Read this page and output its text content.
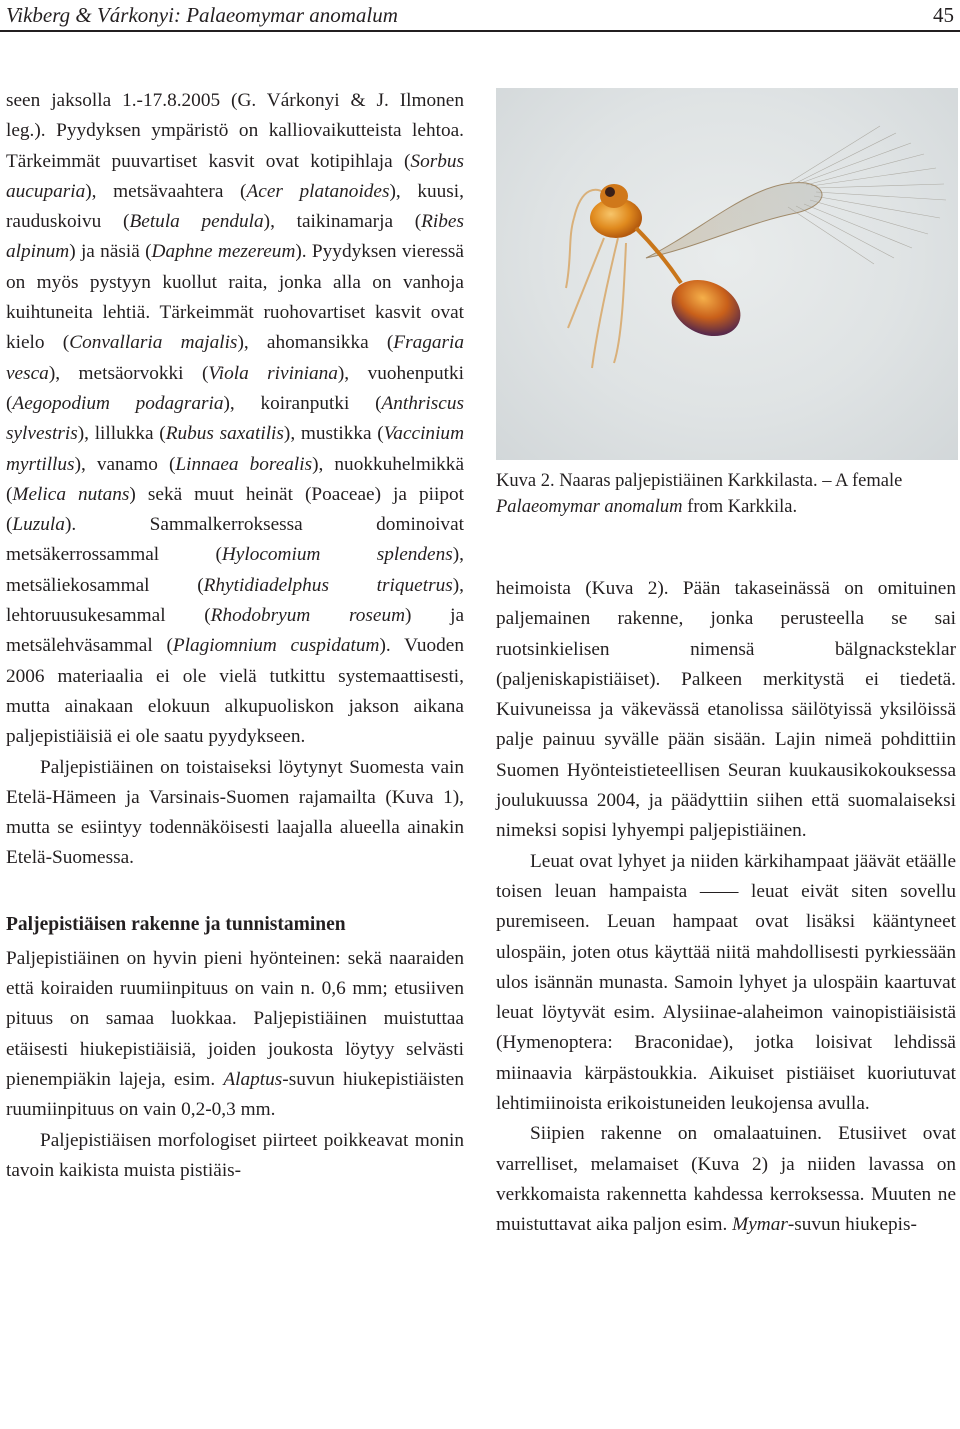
Vikberg & Várkonyi: Palaeomymar anomalum	45

seen jaksolla 1.-17.8.2005 (G. Várkonyi & J. Ilmonen leg.). Pyydyksen ympäristö on kalliovaikutteista lehtoa. Tärkeimmät puuvartiset kasvit ovat kotipihlaja (Sorbus aucuparia), metsävaahtera (Acer platanoides), kuusi, rauduskoivu (Betula pendula), taikinamarja (Ribes alpinum) ja näsiä (Daphne mezereum). Pyydyksen vieressä on myös pystyyn kuollut raita, jonka alla on vanhoja kuihtuneita lehtiä. Tärkeimmät ruohovartiset kasvit ovat kielo (Convallaria majalis), ahomansikka (Fragaria vesca), metsäorvokki (Viola riviniana), vuohenputki (Aegopodium podagraria), koiranputki (Anthriscus sylvestris), lillukka (Rubus saxatilis), mustikka (Vaccinium myrtillus), vanamo (Linnaea borealis), nuokkuhelmikkä (Melica nutans) sekä muut heinät (Poaceae) ja piipot (Luzula). Sammalkerroksessa dominoivat metsäkerrossammal (Hylocomium splendens), metsäliekosammal (Rhytidiadelphus triquetrus), lehtoruusukesammal (Rhodobryum roseum) ja metsälehväsammal (Plagiomnium cuspidatum). Vuoden 2006 materiaalia ei ole vielä tutkittu systemaattisesti, mutta ainakaan elokuun alkupuoliskon jakson aikana paljepistiäisiä ei ole saatu pyydykseen.

Paljepistiäinen on toistaiseksi löytynyt Suomesta vain Etelä-Hämeen ja Varsinais-Suomen rajamailta (Kuva 1), mutta se esiintyy todennäköisesti laajalla alueella ainakin Etelä-Suomessa.

Paljepistiäisen rakenne ja tunnistaminen

Paljepistiäinen on hyvin pieni hyönteinen: sekä naaraiden että koiraiden ruumiinpituus on vain n. 0,6 mm; etusiiven pituus on samaa luokkaa. Paljepistiäinen muistuttaa etäisesti hiukepistiäisiä, joiden joukosta löytyy selvästi pienempiäkin lajeja, esim. Alaptus-suvun hiukepistiäisten ruumiinpituus on vain 0,2-0,3 mm.

Paljepistiäisen morfologiset piirteet poikkeavat monin tavoin kaikista muista pistiäis-

Kuva 2. Naaras paljepistiäinen Karkkilasta. – A female Palaeomymar anomalum from Karkkila.

heimoista (Kuva 2). Pään takaseinässä on omituinen paljemainen rakenne, jonka perusteella se sai ruotsinkielisen nimensä bälgnacksteklar (paljeniskapistiäiset). Palkeen merkitystä ei tiedetä. Kuivuneissa ja väkevässä etanolissa säilötyissä yksilöissä palje painuu syvälle pään sisään. Lajin nimeä pohdittiin Suomen Hyönteistieteellisen Seuran kuukausikokouksessa joulukuussa 2004, ja päädyttiin siihen että suomalaiseksi nimeksi sopisi lyhyempi paljepistiäinen.

Leuat ovat lyhyet ja niiden kärkihampaat jäävät etäälle toisen leuan hampaista —— leuat eivät siten sovellu puremiseen. Leuan hampaat ovat lisäksi kääntyneet ulospäin, joten otus käyttää niitä mahdollisesti pyrkiessään ulos isännän munasta. Samoin lyhyet ja ulospäin kaartuvat leuat löytyvät esim. Alysiinae-alaheimon vainopistiäisistä (Hymenoptera: Braconidae), jotka loisivat lehdissä miinaavia kärpästoukkia. Aikuiset pistiäiset kuoriutuvat lehtimiinoista erikoistuneiden leukojensa avulla.

Siipien rakenne on omalaatuinen. Etusiivet ovat varrelliset, melamaiset (Kuva 2) ja niiden lavassa on verkkomaista rakennetta kahdessa kerroksessa. Muuten ne muistuttavat aika paljon esim. Mymar-suvun hiukepis-
